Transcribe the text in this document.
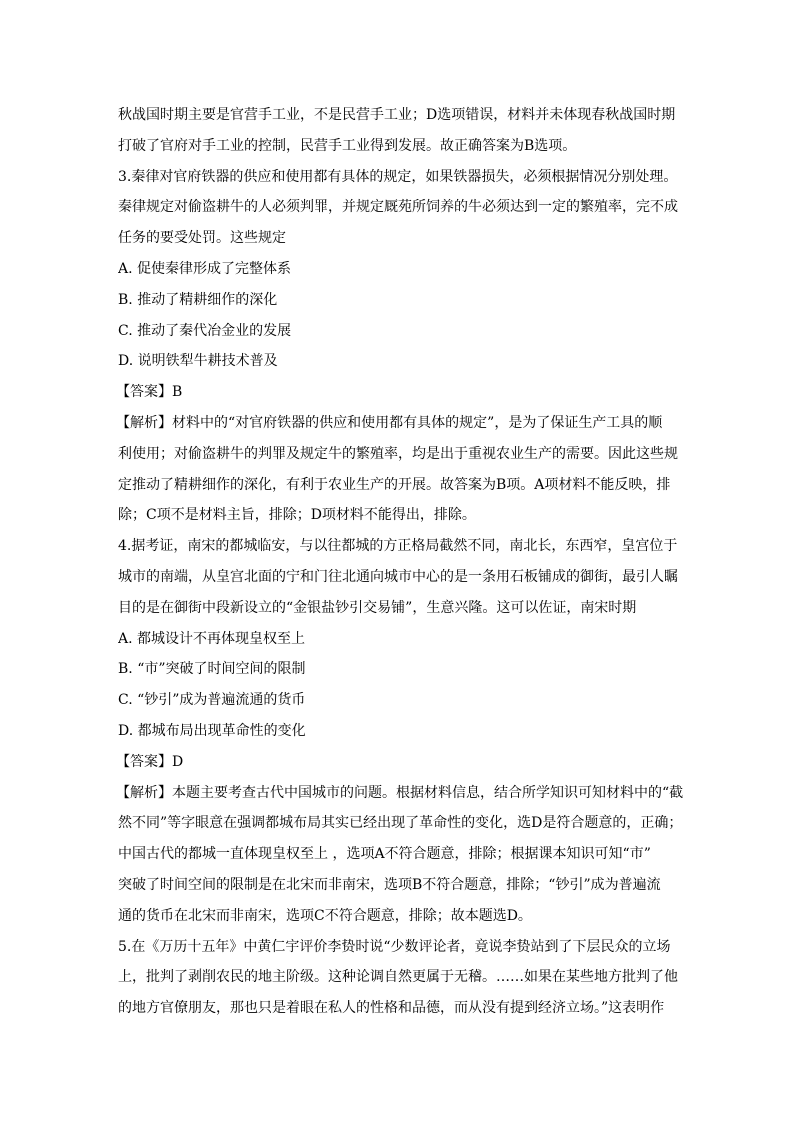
秋战国时期主要是官营手工业，不是民营手工业；D选项错误，材料并未体现春秋战国时期
打破了官府对手工业的控制，民营手工业得到发展。故正确答案为B选项。
3.秦律对官府铁器的供应和使用都有具体的规定，如果铁器损失，必须根据情况分别处理。
秦律规定对偷盗耕牛的人必须判罪，并规定厩苑所饲养的牛必须达到一定的繁殖率，完不成
任务的要受处罚。这些规定
A. 促使秦律形成了完整体系
B. 推动了精耕细作的深化
C. 推动了秦代冶金业的发展
D. 说明铁犁牛耕技术普及
【答案】B
【解析】材料中的“对官府铁器的供应和使用都有具体的规定”，是为了保证生产工具的顺
利使用；对偷盗耕牛的判罪及规定牛的繁殖率，均是出于重视农业生产的需要。因此这些规
定推动了精耕细作的深化，有利于农业生产的开展。故答案为B项。A项材料不能反映，排
除；C项不是材料主旨，排除；D项材料不能得出，排除。
4.据考证，南宋的都城临安，与以往都城的方正格局截然不同，南北长，东西窄，皇宫位于
城市的南端，从皇宫北面的宁和门往北通向城市中心的是一条用石板铺成的御街，最引人瞩
目的是在御街中段新设立的“金银盐钞引交易铺”，生意兴隆。这可以佐证，南宋时期
A. 都城设计不再体现皇权至上
B. “市”突破了时间空间的限制
C. “钞引”成为普遍流通的货币
D. 都城布局出现革命性的变化
【答案】D
【解析】本题主要考查古代中国城市的问题。根据材料信息，结合所学知识可知材料中的“截
然不同”等字眼意在强调都城布局其实已经出现了革命性的变化，选D是符合题意的，正确；
中国古代的都城一直体现皇权至上 ，选项A不符合题意，排除；根据课本知识可知“市”
突破了时间空间的限制是在北宋而非南宋，选项B不符合题意，排除；“钞引”成为普遍流
通的货币在北宋而非南宋，选项C不符合题意，排除；故本题选D。
5.在《万历十五年》中黄仁宇评价李贽时说“少数评论者，竟说李贽站到了下层民众的立场
上，批判了剥削农民的地主阶级。这种论调自然更属于无稽。……如果在某些地方批判了他
的地方官僚朋友，那也只是着眼在私人的性格和品德，而从没有提到经济立场。”这表明作
